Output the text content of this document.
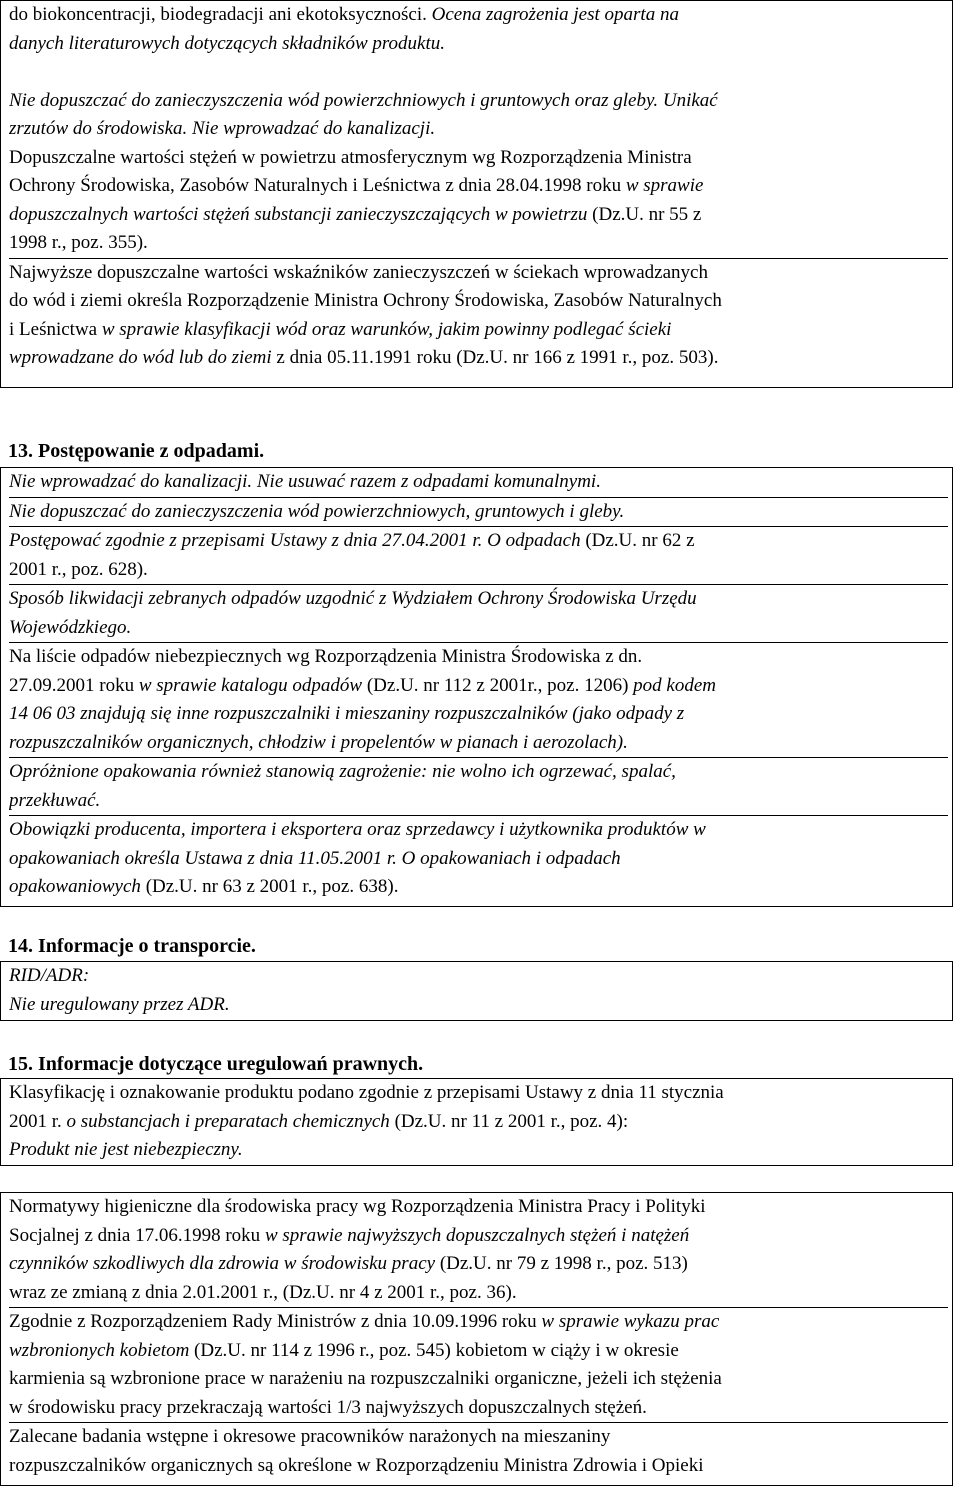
do biokoncentracji, biodegradacji ani ekotoksyczności. Ocena zagrożenia jest oparta na
danych literaturowych dotyczących składników produktu.

Nie dopuszczać do zanieczyszczenia wód powierzchniowych i gruntowych oraz gleby. Unikać
zrzutów do środowiska. Nie wprowadzać do kanalizacji.
Dopuszczalne wartości stężeń w powietrzu atmosferycznym wg Rozporządzenia Ministra
Ochrony Środowiska, Zasobów Naturalnych i Leśnictwa z dnia 28.04.1998 roku w sprawie
dopuszczalnych wartości stężeń substancji zanieczyszczających w powietrzu (Dz.U. nr 55 z
1998 r., poz. 355).
Najwyższe dopuszczalne wartości wskaźników zanieczyszczeń w ściekach wprowadzanych
do wód i ziemi określa Rozporządzenie Ministra Ochrony Środowiska, Zasobów Naturalnych
i Leśnictwa w sprawie klasyfikacji wód oraz warunków, jakim powinny podlegać ścieki
wprowadzane do wód lub do ziemi z dnia 05.11.1991 roku (Dz.U. nr 166 z 1991 r., poz. 503).
13. Postępowanie z odpadami.
Nie wprowadzać do kanalizacji. Nie usuwać razem z odpadami komunalnymi.
Nie dopuszczać do zanieczyszczenia wód powierzchniowych, gruntowych i gleby.
Postępować zgodnie z przepisami Ustawy z dnia 27.04.2001 r. O odpadach (Dz.U. nr 62 z
2001 r., poz. 628).
Sposób likwidacji zebranych odpadów uzgodnić z Wydziałem Ochrony Środowiska Urzędu
Wojewódzkiego.
Na liście odpadów niebezpiecznych wg Rozporządzenia Ministra Środowiska z dn.
27.09.2001 roku w sprawie katalogu odpadów (Dz.U. nr 112 z 2001r., poz. 1206) pod kodem
14 06 03 znajdują się inne rozpuszczalniki i mieszaniny rozpuszczalników (jako odpady z
rozpuszczalników organicznych, chłodziw i propelentów w pianach i aerozolach).
Opróżnione opakowania również stanowią zagrożenie: nie wolno ich ogrzewać, spalać,
przekłuwać.
Obowiązki producenta, importera i eksportera oraz sprzedawcy i użytkownika produktów w
opakowaniach określa Ustawa z dnia 11.05.2001 r. O opakowaniach i odpadach
opakowaniowych (Dz.U. nr 63 z 2001 r., poz. 638).
14. Informacje o transporcie.
RID/ADR:
Nie uregulowany przez ADR.
15. Informacje dotyczące uregulowań prawnych.
Klasyfikację i oznakowanie produktu podano zgodnie z przepisami Ustawy z dnia 11 stycznia
2001 r. o substancjach i preparatach chemicznych (Dz.U. nr 11 z 2001 r., poz. 4):
Produkt nie jest niebezpieczny.
Normatywy higieniczne dla środowiska pracy wg Rozporządzenia Ministra Pracy i Polityki
Socjalnej z dnia 17.06.1998 roku w sprawie najwyższych dopuszczalnych stężeń i natężeń
czynników szkodliwych dla zdrowia w środowisku pracy (Dz.U. nr 79 z 1998 r., poz. 513)
wraz ze zmianą z dnia 2.01.2001 r., (Dz.U. nr 4 z 2001 r., poz. 36).
Zgodnie z Rozporządzeniem Rady Ministrów z dnia 10.09.1996 roku w sprawie wykazu prac
wzbronionych kobietom (Dz.U. nr 114 z 1996 r., poz. 545) kobietom w ciąży i w okresie
karmienia są wzbronione prace w narażeniu na rozpuszczalniki organiczne, jeżeli ich stężenia
w środowisku pracy przekraczają wartości 1/3 najwyższych dopuszczalnych stężeń.
Zalecane badania wstępne i okresowe pracowników narażonych na mieszaniny
rozpuszczalników organicznych są określone w Rozporządzeniu Ministra Zdrowia i Opieki
